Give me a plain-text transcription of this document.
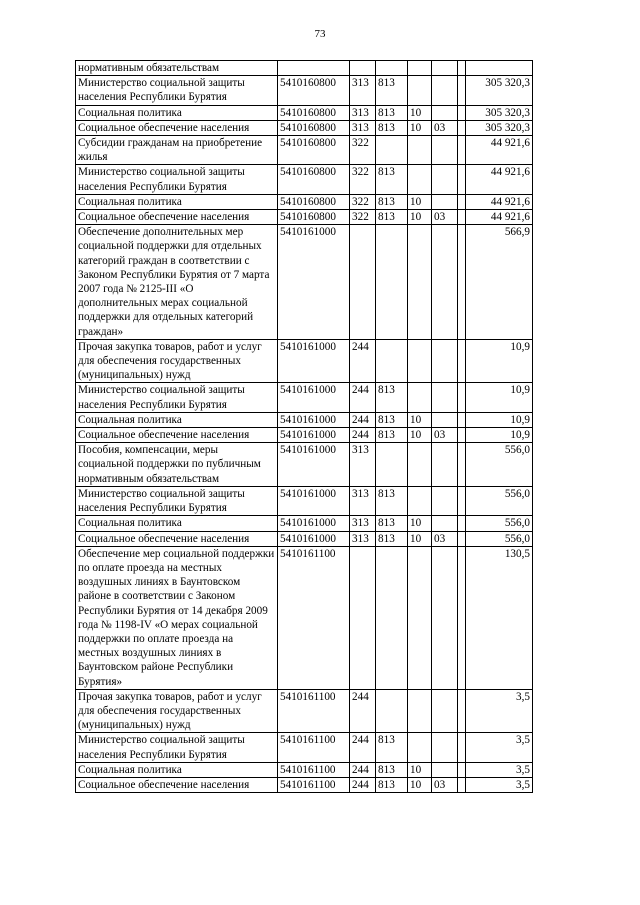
73
нормативным обязательствам							
Министерство социальной защиты населения Республики Бурятия	5410160800	313	813				305 320,3
Социальная политика	5410160800	313	813	10			305 320,3
Социальное обеспечение населения	5410160800	313	813	10	03		305 320,3
Субсидии гражданам на приобретение жилья	5410160800	322					44 921,6
Министерство социальной защиты населения Республики Бурятия	5410160800	322	813				44 921,6
Социальная политика	5410160800	322	813	10			44 921,6
Социальное обеспечение населения	5410160800	322	813	10	03		44 921,6
Обеспечение дополнительных мер социальной поддержки для отдельных категорий граждан в соответствии с Законом Республики Бурятия от 7 марта 2007 года № 2125-III «О дополнительных мерах социальной поддержки для отдельных категорий граждан»	5410161000						566,9
Прочая закупка товаров, работ и услуг для обеспечения государственных (муниципальных) нужд	5410161000	244					10,9
Министерство социальной защиты населения Республики Бурятия	5410161000	244	813				10,9
Социальная политика	5410161000	244	813	10			10,9
Социальное обеспечение населения	5410161000	244	813	10	03		10,9
Пособия, компенсации, меры социальной поддержки по публичным нормативным обязательствам	5410161000	313					556,0
Министерство социальной защиты населения Республики Бурятия	5410161000	313	813				556,0
Социальная политика	5410161000	313	813	10			556,0
Социальное обеспечение населения	5410161000	313	813	10	03		556,0
Обеспечение мер социальной поддержки по оплате проезда на местных воздушных линиях в Баунтовском районе в соответствии с Законом Республики Бурятия от 14 декабря 2009 года № 1198-IV «О мерах социальной поддержки по оплате проезда на местных воздушных линиях в Баунтовском районе Республики Бурятия»	5410161100						130,5
Прочая закупка товаров, работ и услуг для обеспечения государственных (муниципальных) нужд	5410161100	244					3,5
Министерство социальной защиты населения Республики Бурятия	5410161100	244	813				3,5
Социальная политика	5410161100	244	813	10			3,5
Социальное обеспечение населения	5410161100	244	813	10	03		3,5
